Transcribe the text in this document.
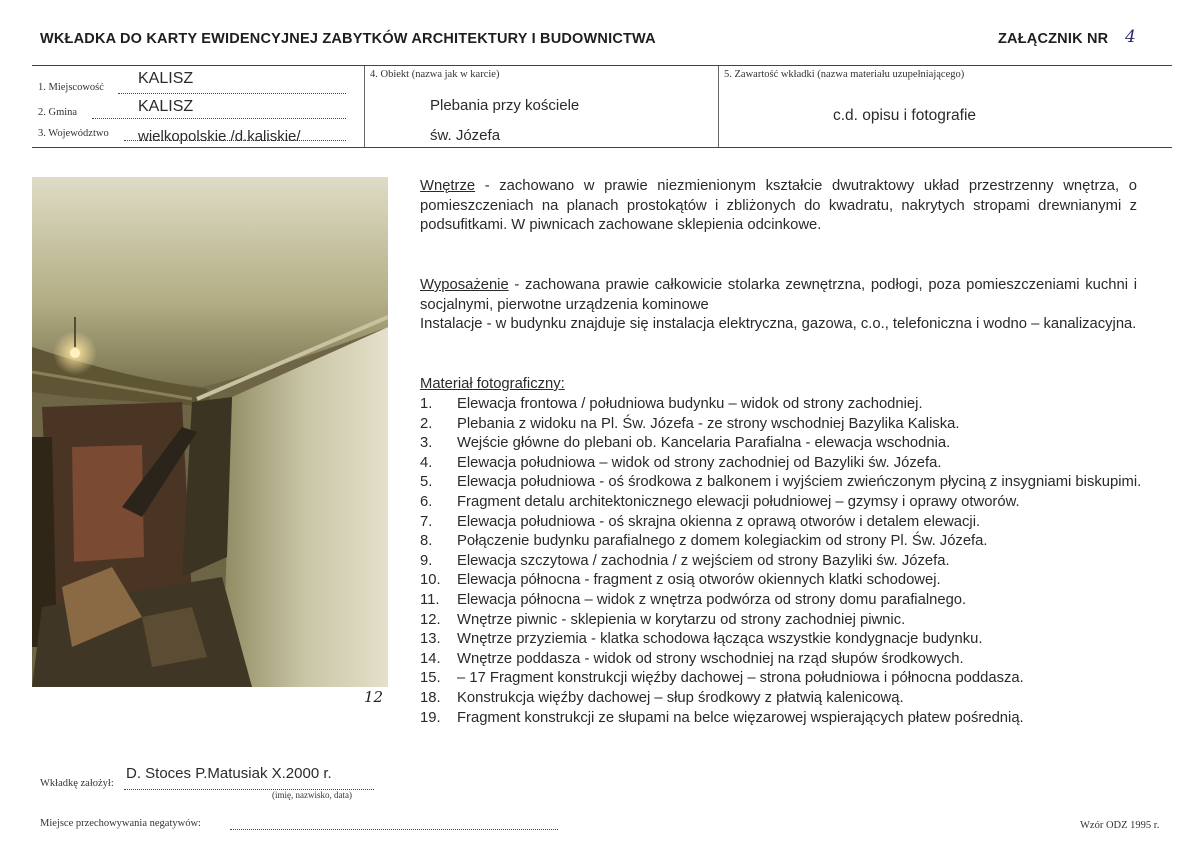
WKŁADKA DO KARTY EWIDENCYJNEJ ZABYTKÓW ARCHITEKTURY I BUDOWNICTWA	ZAŁĄCZNIK NR 4
1. Miejscowość
KALISZ
2. Gmina	KALISZ
3. Województwo wielkopolskie /d.kaliskie/
4. Obiekt (nazwa jak w karcie)
Plebania przy kościele
św. Józefa
5. Zawartość wkładki (nazwa materiału uzupełniającego)
c.d. opisu i fotografie
12
Wnętrze - zachowano w prawie niezmienionym kształcie dwutraktowy układ przestrzenny wnętrza, o pomieszczeniach na planach prostokątów i zbliżonych do kwadratu, nakrytych stropami drewnianymi z podsufitkami. W piwnicach zachowane sklepienia odcinkowe.
Wyposażenie - zachowana prawie całkowicie stolarka zewnętrzna, podłogi, poza pomieszczeniami kuchni i socjalnymi, pierwotne urządzenia kominowe
Instalacje - w budynku znajduje się instalacja elektryczna, gazowa, c.o., telefoniczna i wodno – kanalizacyjna.
Materiał fotograficzny:
1. Elewacja frontowa / południowa budynku – widok od strony zachodniej.
2. Plebania z widoku na Pl. Św. Józefa - ze strony wschodniej Bazylika Kaliska.
3. Wejście główne do plebani ob. Kancelaria Parafialna - elewacja wschodnia.
4. Elewacja południowa – widok od strony zachodniej od Bazyliki św. Józefa.
5. Elewacja południowa - oś środkowa z balkonem i wyjściem zwieńczonym płyciną z insygniami biskupimi.
6. Fragment detalu architektonicznego elewacji południowej – gzymsy i oprawy otworów.
7. Elewacja południowa - oś skrajna okienna z oprawą otworów i detalem elewacji.
8. Połączenie budynku parafialnego z domem kolegiackim od strony Pl. Św. Józefa.
9. Elewacja szczytowa / zachodnia / z wejściem od strony Bazyliki św. Józefa.
10. Elewacja północna - fragment z osią otworów okiennych klatki schodowej.
11. Elewacja północna – widok z wnętrza podwórza od strony domu parafialnego.
12. Wnętrze piwnic - sklepienia w korytarzu od strony zachodniej piwnic.
13. Wnętrze przyziemia - klatka schodowa łącząca wszystkie kondygnacje budynku.
14. Wnętrze poddasza - widok od strony wschodniej na rząd słupów środkowych.
15. – 17 Fragment konstrukcji więźby dachowej – strona południowa i północna poddasza.
18. Konstrukcja więźby dachowej – słup środkowy z płatwią kalenicową.
19. Fragment konstrukcji ze słupami na belce więzarowej wspierających płatew pośrednią.
Wkładkę założył:
D. Stoces P.Matusiak X.2000 r.
(imię, nazwisko, data)
Miejsce przechowywania negatywów:	Wzór ODZ 1995 r.
